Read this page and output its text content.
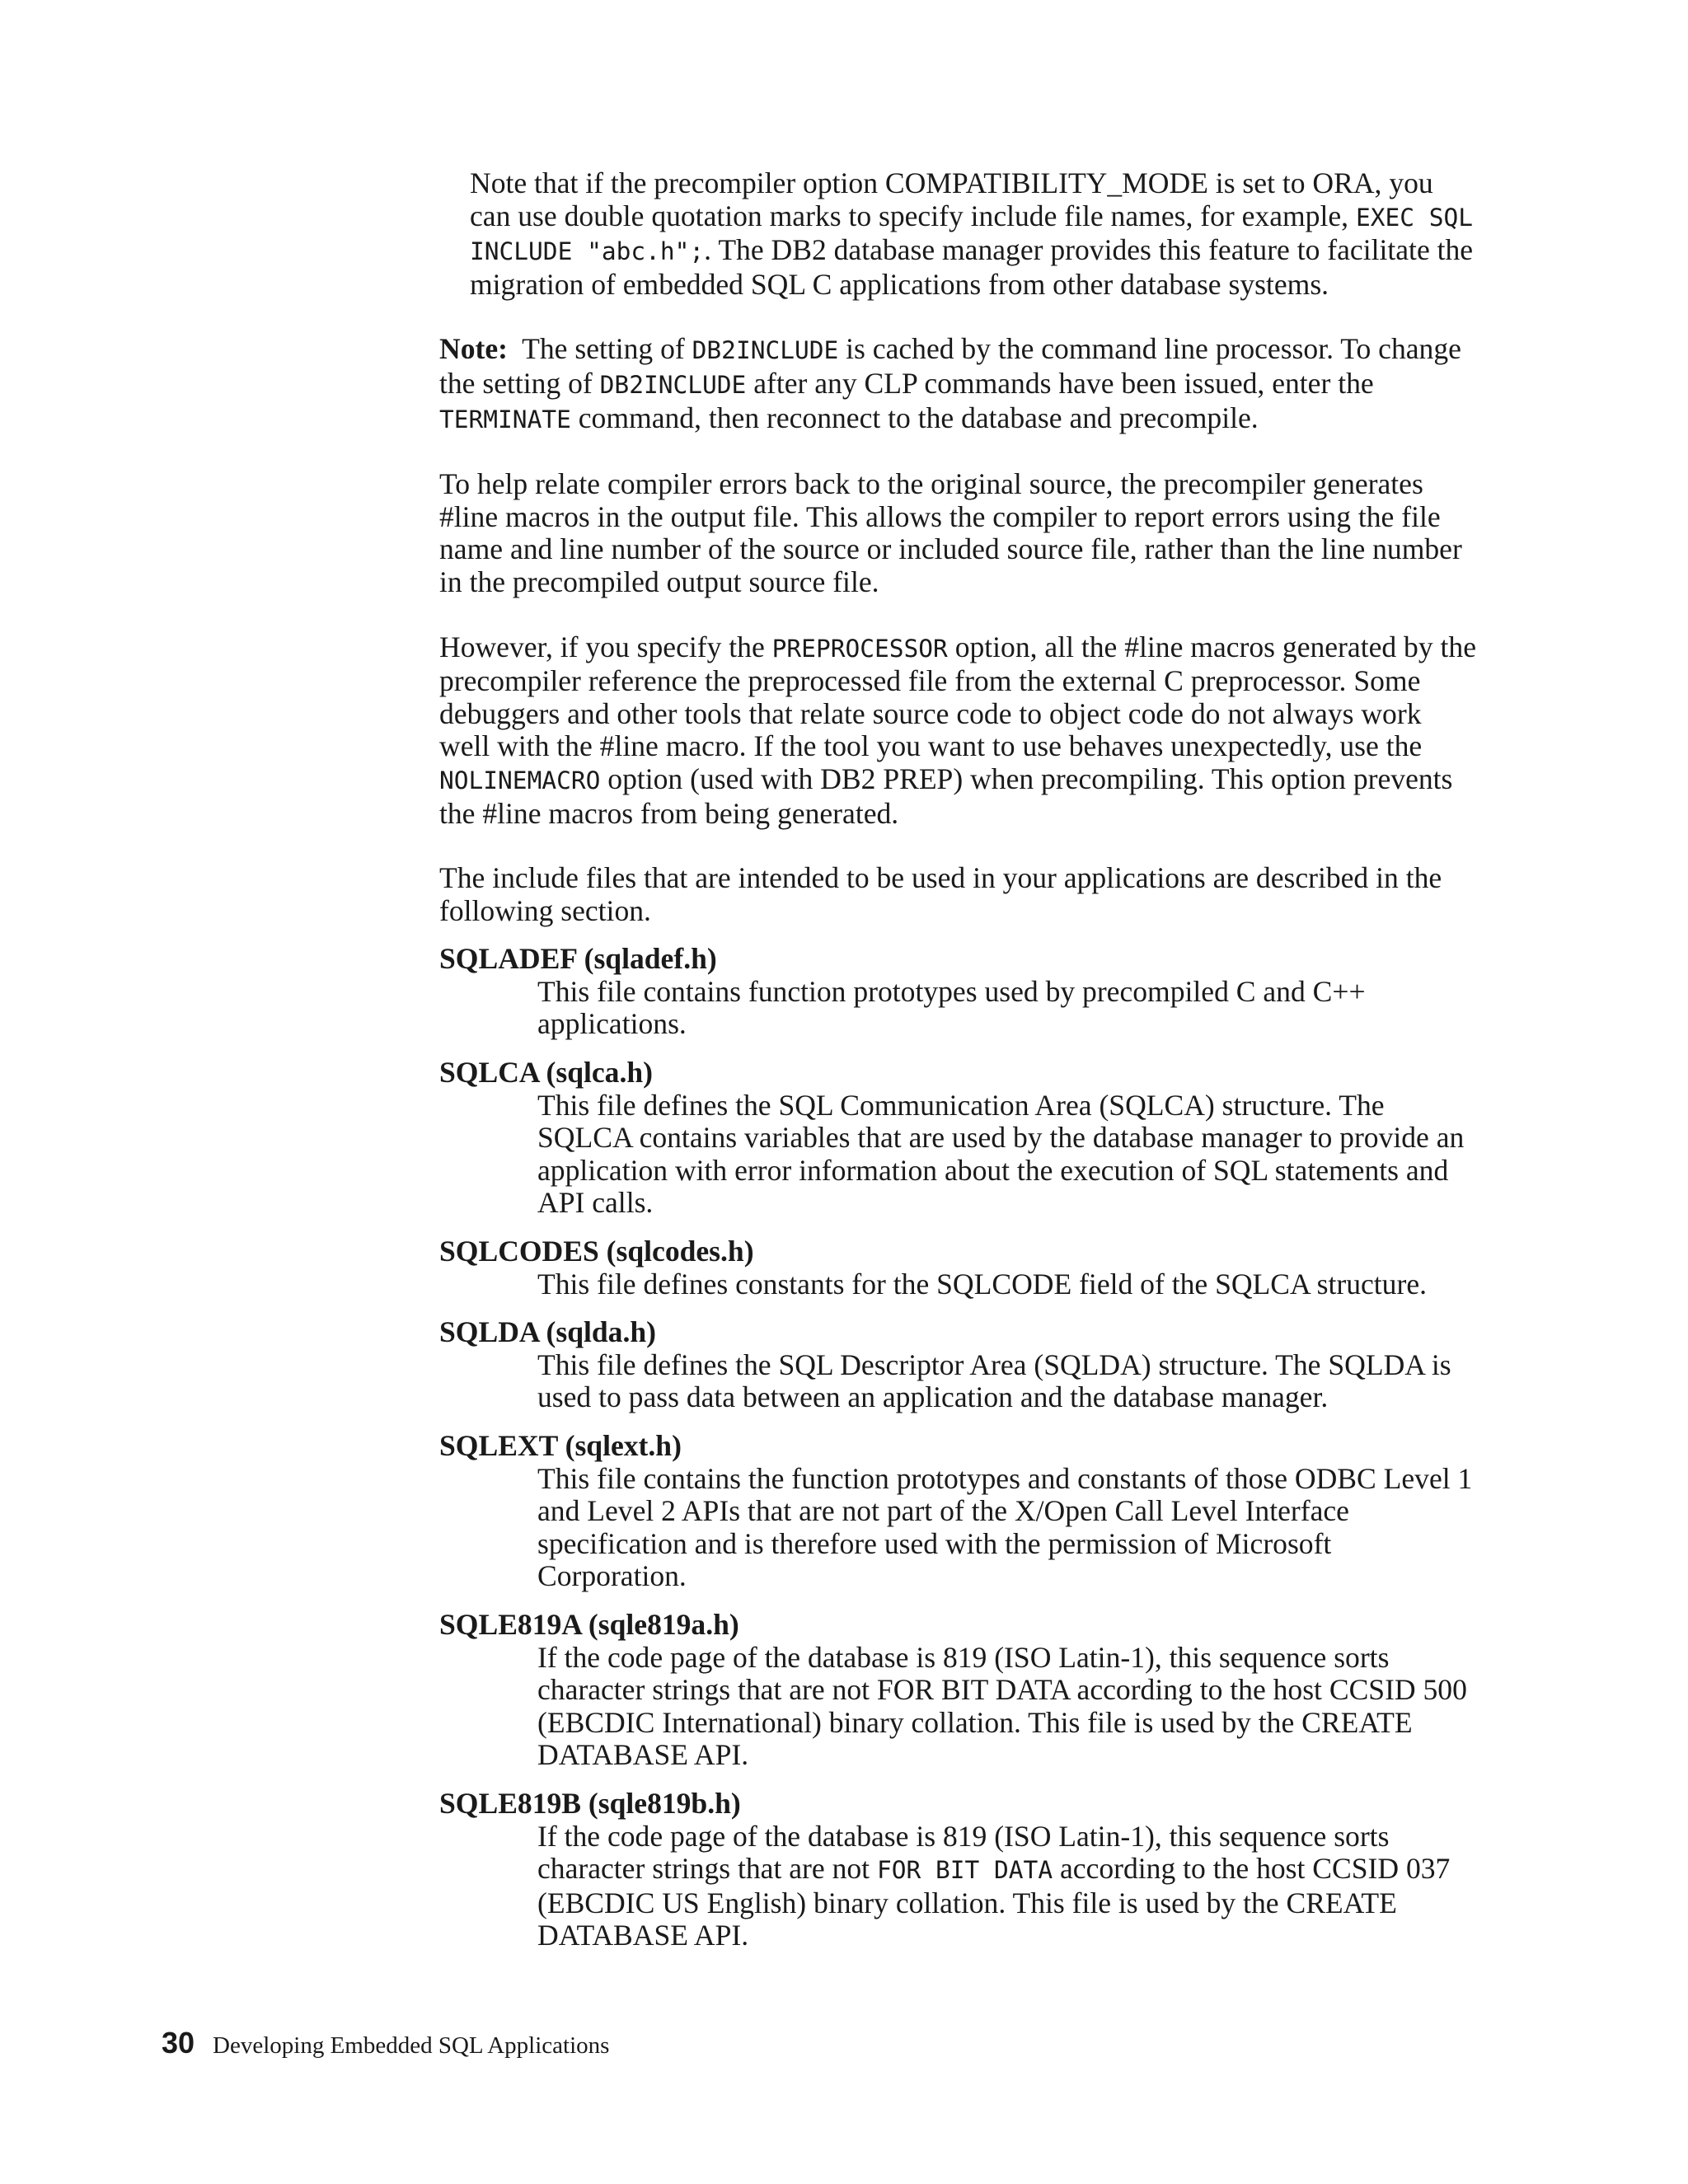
Note that if the precompiler option COMPATIBILITY_MODE is set to ORA, you can use double quotation marks to specify include file names, for example, EXEC SQL INCLUDE "abc.h";. The DB2 database manager provides this feature to facilitate the migration of embedded SQL C applications from other database systems.

Note: The setting of DB2INCLUDE is cached by the command line processor. To change the setting of DB2INCLUDE after any CLP commands have been issued, enter the TERMINATE command, then reconnect to the database and precompile.

To help relate compiler errors back to the original source, the precompiler generates #line macros in the output file. This allows the compiler to report errors using the file name and line number of the source or included source file, rather than the line number in the precompiled output source file.

However, if you specify the PREPROCESSOR option, all the #line macros generated by the precompiler reference the preprocessed file from the external C preprocessor. Some debuggers and other tools that relate source code to object code do not always work well with the #line macro. If the tool you want to use behaves unexpectedly, use the NOLINEMACRO option (used with DB2 PREP) when precompiling. This option prevents the #line macros from being generated.

The include files that are intended to be used in your applications are described in the following section.

SQLADEF (sqladef.h)
This file contains function prototypes used by precompiled C and C++ applications.
SQLCA (sqlca.h)
This file defines the SQL Communication Area (SQLCA) structure. The SQLCA contains variables that are used by the database manager to provide an application with error information about the execution of SQL statements and API calls.
SQLCODES (sqlcodes.h)
This file defines constants for the SQLCODE field of the SQLCA structure.
SQLDA (sqlda.h)
This file defines the SQL Descriptor Area (SQLDA) structure. The SQLDA is used to pass data between an application and the database manager.
SQLEXT (sqlext.h)
This file contains the function prototypes and constants of those ODBC Level 1 and Level 2 APIs that are not part of the X/Open Call Level Interface specification and is therefore used with the permission of Microsoft Corporation.
SQLE819A (sqle819a.h)
If the code page of the database is 819 (ISO Latin-1), this sequence sorts character strings that are not FOR BIT DATA according to the host CCSID 500 (EBCDIC International) binary collation. This file is used by the CREATE DATABASE API.
SQLE819B (sqle819b.h)
If the code page of the database is 819 (ISO Latin-1), this sequence sorts character strings that are not FOR BIT DATA according to the host CCSID 037 (EBCDIC US English) binary collation. This file is used by the CREATE DATABASE API.
30 Developing Embedded SQL Applications
